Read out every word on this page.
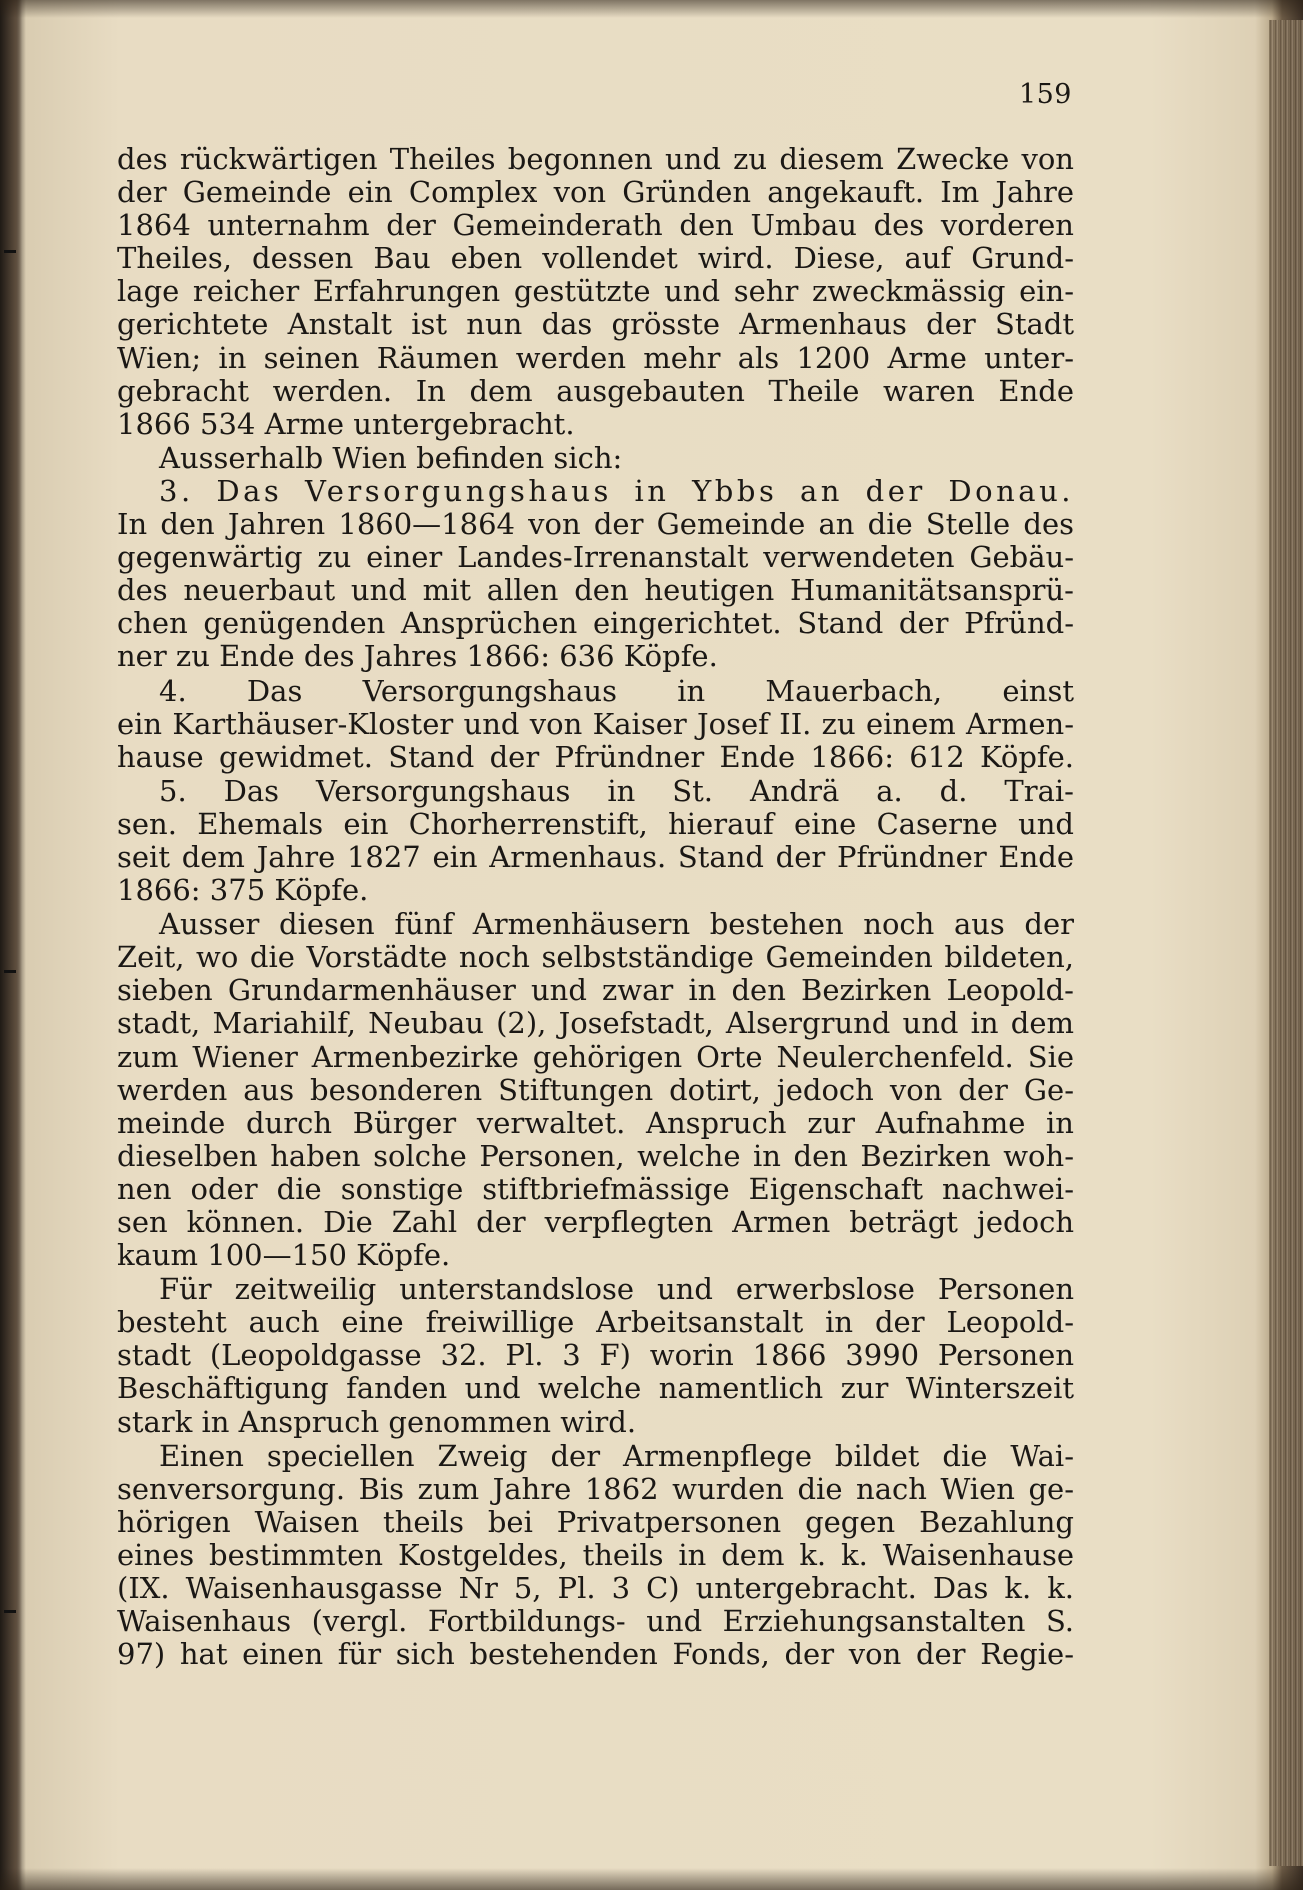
159
des rückwärtigen Theiles begonnen und zu diesem Zwecke von
der Gemeinde ein Complex von Gründen angekauft. Im Jahre
1864 unternahm der Gemeinderath den Umbau des vorderen
Theiles, dessen Bau eben vollendet wird. Diese, auf Grund-
lage reicher Erfahrungen gestützte und sehr zweckmässig ein-
gerichtete Anstalt ist nun das grösste Armenhaus der Stadt
Wien; in seinen Räumen werden mehr als 1200 Arme unter-
gebracht werden. In dem ausgebauten Theile waren Ende
1866 534 Arme untergebracht.
Ausserhalb Wien befinden sich:
3. Das Versorgungshaus in Ybbs an der Donau.
In den Jahren 1860—1864 von der Gemeinde an die Stelle des
gegenwärtig zu einer Landes-Irrenanstalt verwendeten Gebäu-
des neuerbaut und mit allen den heutigen Humanitätsansprü-
chen genügenden Ansprüchen eingerichtet. Stand der Pfründ-
ner zu Ende des Jahres 1866: 636 Köpfe.
4. Das Versorgungshaus in Mauerbach, einst
ein Karthäuser-Kloster und von Kaiser Josef II. zu einem Armen-
hause gewidmet. Stand der Pfründner Ende 1866: 612 Köpfe.
5. Das Versorgungshaus in St. Andrä a. d. Trai-
sen. Ehemals ein Chorherrenstift, hierauf eine Caserne und
seit dem Jahre 1827 ein Armenhaus. Stand der Pfründner Ende
1866: 375 Köpfe.
Ausser diesen fünf Armenhäusern bestehen noch aus der
Zeit, wo die Vorstädte noch selbstständige Gemeinden bildeten,
sieben Grundarmenhäuser und zwar in den Bezirken Leopold-
stadt, Mariahilf, Neubau (2), Josefstadt, Alsergrund und in dem
zum Wiener Armenbezirke gehörigen Orte Neulerchenfeld. Sie
werden aus besonderen Stiftungen dotirt, jedoch von der Ge-
meinde durch Bürger verwaltet. Anspruch zur Aufnahme in
dieselben haben solche Personen, welche in den Bezirken woh-
nen oder die sonstige stiftbriefmässige Eigenschaft nachwei-
sen können. Die Zahl der verpflegten Armen beträgt jedoch
kaum 100—150 Köpfe.
Für zeitweilig unterstandslose und erwerbslose Personen
besteht auch eine freiwillige Arbeitsanstalt in der Leopold-
stadt (Leopoldgasse 32. Pl. 3 F) worin 1866 3990 Personen
Beschäftigung fanden und welche namentlich zur Winterszeit
stark in Anspruch genommen wird.
Einen speciellen Zweig der Armenpflege bildet die Wai-
senversorgung. Bis zum Jahre 1862 wurden die nach Wien ge-
hörigen Waisen theils bei Privatpersonen gegen Bezahlung
eines bestimmten Kostgeldes, theils in dem k. k. Waisenhause
(IX. Waisenhausgasse Nr 5, Pl. 3 C) untergebracht. Das k. k.
Waisenhaus (vergl. Fortbildungs- und Erziehungsanstalten S.
97) hat einen für sich bestehenden Fonds, der von der Regie-
